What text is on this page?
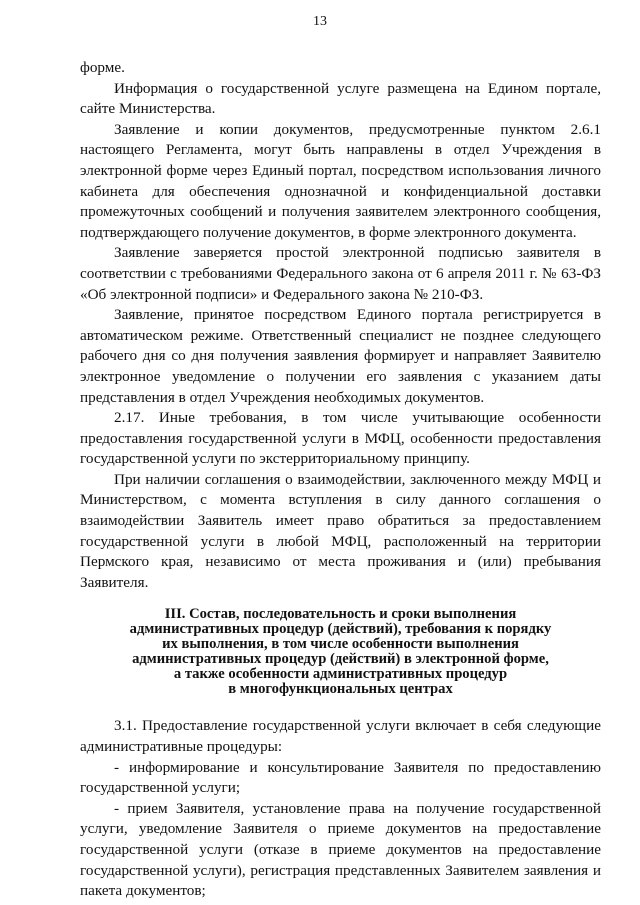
13

форме.

Информация о государственной услуге размещена на Едином портале, сайте Министерства.

Заявление и копии документов, предусмотренные пунктом 2.6.1 настоящего Регламента, могут быть направлены в отдел Учреждения в электронной форме через Единый портал, посредством использования личного кабинета для обеспечения однозначной и конфиденциальной доставки промежуточных сообщений и получения заявителем электронного сообщения, подтверждающего получение документов, в форме электронного документа.

Заявление заверяется простой электронной подписью заявителя в соответствии с требованиями Федерального закона от 6 апреля 2011 г. № 63-ФЗ «Об электронной подписи» и Федерального закона № 210-ФЗ.

Заявление, принятое посредством Единого портала регистрируется в автоматическом режиме. Ответственный специалист не позднее следующего рабочего дня со дня получения заявления формирует и направляет Заявителю электронное уведомление о получении его заявления с указанием даты представления в отдел Учреждения необходимых документов.

2.17. Иные требования, в том числе учитывающие особенности предоставления государственной услуги в МФЦ, особенности предоставления государственной услуги по экстерриториальному принципу.

При наличии соглашения о взаимодействии, заключенного между МФЦ и Министерством, с момента вступления в силу данного соглашения о взаимодействии Заявитель имеет право обратиться за предоставлением государственной услуги в любой МФЦ, расположенный на территории Пермского края, независимо от места проживания и (или) пребывания Заявителя.

III. Состав, последовательность и сроки выполнения
административных процедур (действий), требования к порядку
их выполнения, в том числе особенности выполнения
административных процедур (действий) в электронной форме,
а также особенности административных процедур
в многофункциональных центрах

3.1. Предоставление государственной услуги включает в себя следующие административные процедуры:

- информирование и консультирование Заявителя по предоставлению государственной услуги;

- прием Заявителя, установление права на получение государственной услуги, уведомление Заявителя о приеме документов на предоставление государственной услуги (отказе в приеме документов на предоставление государственной услуги), регистрация представленных Заявителем заявления и пакета документов;
